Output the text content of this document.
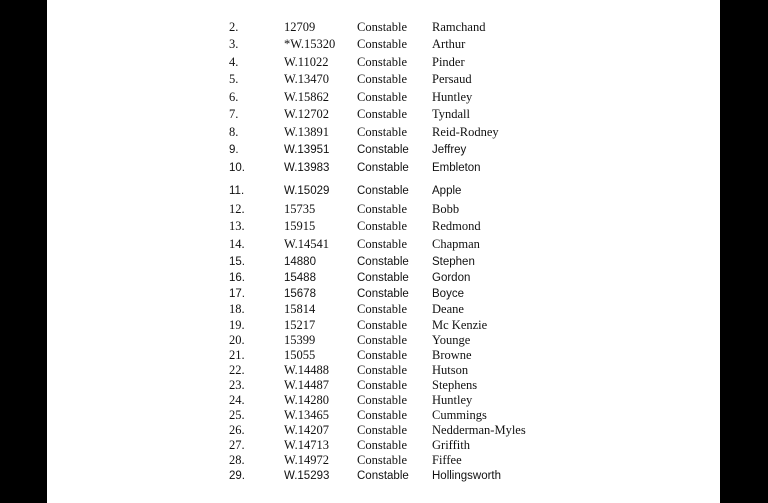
2.	12709	Constable Ramchand
3.	*W.15320 Constable Arthur
4.	W.11022 Constable Pinder
5.	W.13470 Constable Persaud
6.	W.15862 Constable Huntley
7.	W.12702 Constable Tyndall
8.	W.13891 Constable Reid-Rodney
9.	W.13951 Constable Jeffrey
10.	W.13983 Constable Embleton
11.	W.15029 Constable Apple
12.	15735	Constable Bobb
13.	15915	Constable Redmond
14.	W.14541 Constable Chapman
15.	14880	Constable Stephen
16.	15488	Constable Gordon
17.	15678	Constable Boyce
18.	15814	Constable Deane
19.	15217	Constable Mc Kenzie
20.	15399	Constable Younge
21.	15055	Constable Browne
22.	W.14488 Constable Hutson
23.	W.14487 Constable Stephens
24.	W.14280 Constable Huntley
25.	W.13465 Constable Cummings
26.	W.14207 Constable Nedderman-Myles
27.	W.14713 Constable Griffith
28.	W.14972 Constable Fiffee
29.	W.15293 Constable Hollingsworth
